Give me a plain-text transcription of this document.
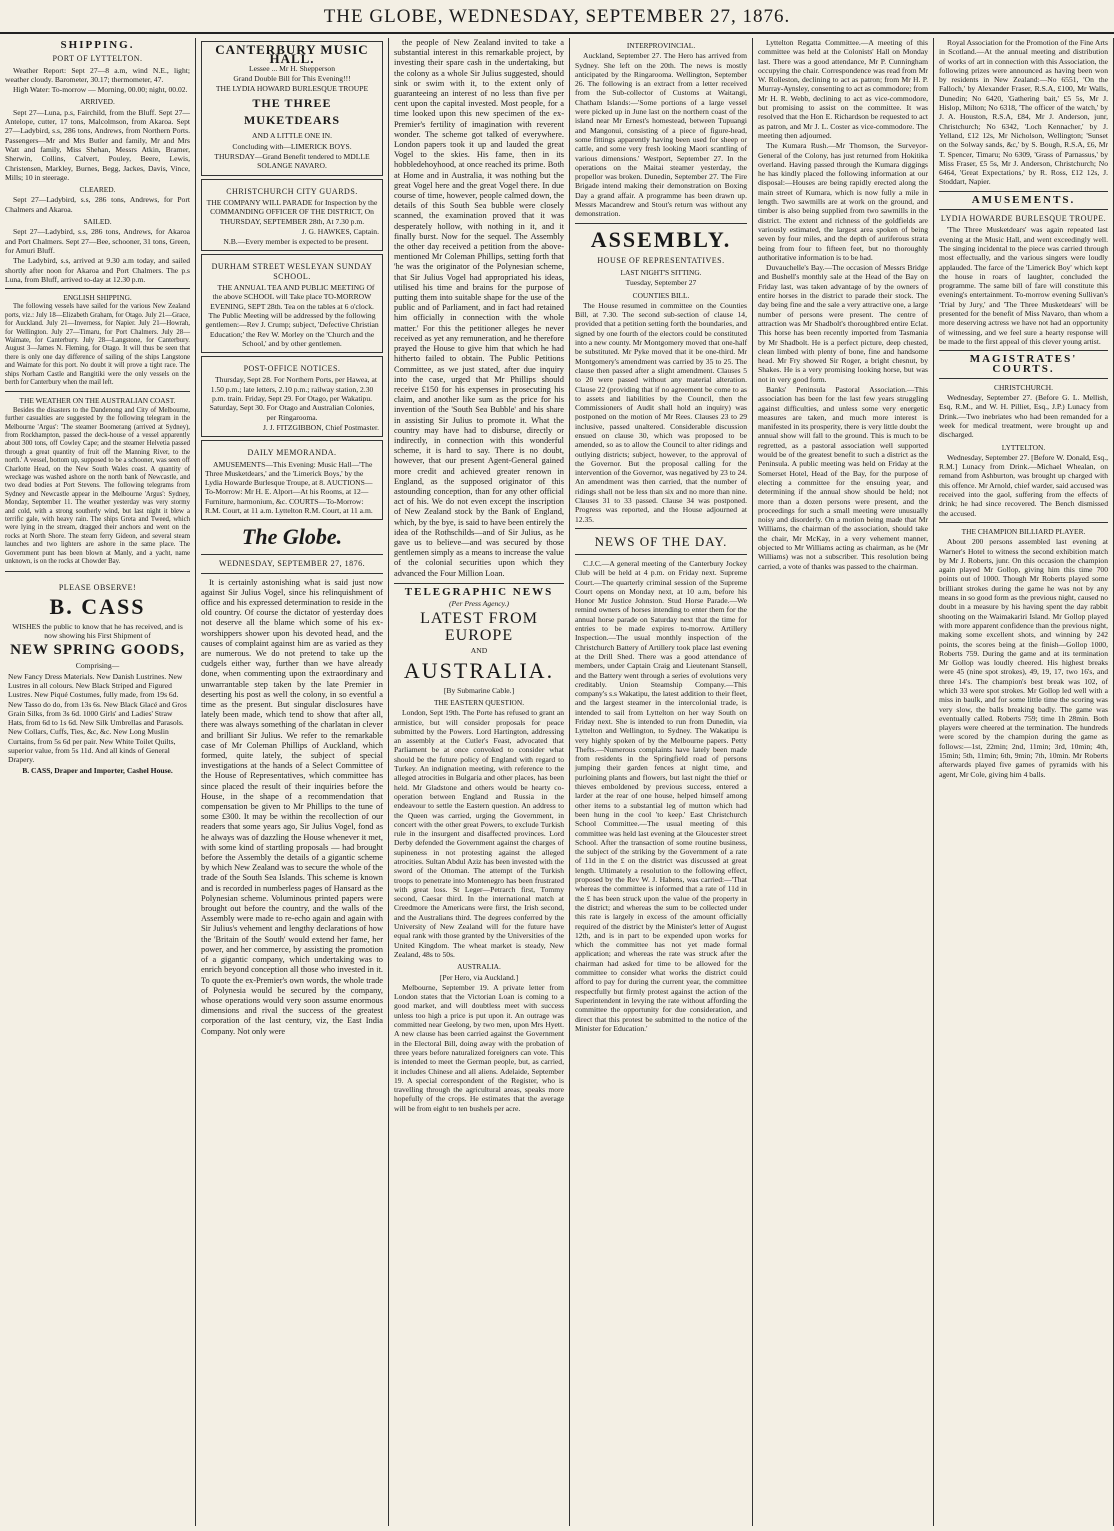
THE GLOBE, WEDNESDAY, SEPTEMBER 27, 1876.
SHIPPING.
PORT OF LYTTELTON.

Weather Report: Sept 27—8 a.m, wind N.E., light; weather cloudy. Barometer, 30.17; thermometer, 47.

High Water: To-morrow — Morning, 00.00; night, 00.02.

ARRIVED.

Sept 27—Luna, p.s, Fairchild, from the Bluff. Sept 27—Antelope, cutter, 17 tons, Malcolmson, from Akaroa. Sept 27—Ladybird, s.s, 286 tons, Andrews, from Northern Ports. Passengers—Mr and Mrs Butler and family, Mr and Mrs Watt and family, Miss Shehan, Messrs Atkin, Bramer, Sherwin, Collins, Calvert, Pouley, Beere, Lewis, Christensen, Markley, Burnes, Begg, Jackes, Davis, Vince, Mills; 10 in steerage.

CLEARED.

Sept 27—Ladybird, s.s, 286 tons, Andrews, for Port Chalmers and Akaroa.

SAILED.

Sept 27—Ladybird, s.s, 286 tons, Andrews, for Akaroa and Port Chalmers. Sept 27—Bee, schooner, 31 tons, Green, for Amuri Bluff.

The Ladybird, s.s, arrived at 9.30 a.m today, and sailed shortly after noon for Akaroa and Port Chalmers. The p.s Luna, from Bluff, arrived to-day at 12.30 p.m.

ENGLISH SHIPPING.

The following vessels have sailed for the various New Zealand ports, viz.: July 18—Elizabeth Graham, for Otago. July 21—Grace, for Auckland. July 21—Inverness, for Napier. July 21—Howrah, for Wellington. July 27—Timaru, for Port Chalmers. July 28—Waimate, for Canterbury. July 28—Langstone, for Canterbury. August 3—James N. Fleming, for Otago. It will thus be seen that there is only one day difference of sailing of the ships Langstone and Waimate for this port. No doubt it will prove a tight race. The ships Norham Castle and Rangitiki were the only vessels on the berth for Canterbury when the mail left.

THE WEATHER ON THE AUSTRALIAN COAST.

Besides the disasters to the Dandenong and City of Melbourne, further casualties are suggested by the following telegram in the Melbourne 'Argus': 'The steamer Boomerang (arrived at Sydney), from Rockhampton, passed the deck-house of a vessel apparently about 300 tons, off Cowley Cape; and the steamer Helvetia passed through a great quantity of fruit off the Manning River, to the north.' A vessel, bottom up, supposed to be a schooner, was seen off Charlotte Head, on the New South Wales coast. A quantity of wreckage was washed ashore on the north bank of Newcastle, and two dead bodies at Port Stevens. The following telegrams from Sydney and Newcastle appear in the Melbourne 'Argus': Sydney, Monday, September 11. The weather yesterday was very stormy and cold, with a strong southerly wind, but last night it blew a terrific gale, with heavy rain. The ships Greta and Tweed, which were lying in the stream, dragged their anchors and went on the rocks at North Shore. The steam ferry Gideon, and several steam launches and two lighters are ashore in the same place. The Government punt has been blown at Manly, and a yacht, name unknown, is on the rocks at Chowder Bay.

PLEASE OBSERVE!
B. CASS

WISHES the public to know that he has received, and is now showing his First Shipment of

NEW SPRING GOODS,

Comprising—

New Fancy Dress Materials. New Danish Lustrines. New Lustres in all colours. New Black Striped and Figured Lustres. New Piqué Costumes, fully made, from 19s 6d. New Tasso do do, from 13s 6s. New Black Glacé and Gros Grain Silks, from 3s 6d. 1000 Girls' and Ladies' Straw Hats, from 6d to 1s 6d. New Silk Umbrellas and Parasols. New Collars, Cuffs, Ties, &c, &c. New Long Muslin Curtains, from 5s 6d per pair. New White Toilet Quilts, superior value, from 5s 11d. And all kinds of General Drapery.

B. CASS, Draper and Importer, Cashel House.

CANTERBURY MUSIC HALL.

Lessee ... Mr H. Shepperson

Grand Double Bill for This Evening!!!

THE LYDIA HOWARD BURLESQUE TROUPE

THE THREE MUKETDEARS

AND A LITTLE ONE IN.

Concluding with—LIMERICK BOYS.

THURSDAY—Grand Benefit tendered to MDLLE SOLANGE NAVARO.

CHRISTCHURCH CITY GUARDS.

THE COMPANY WILL PARADE for Inspection by the COMMANDING OFFICER OF THE DISTRICT, On THURSDAY, SEPTEMBER 28th, At 7.30 p.m.

J. G. HAWKES, Captain.

N.B.—Every member is expected to be present.

DURHAM STREET WESLEYAN SUNDAY SCHOOL.

THE ANNUAL TEA AND PUBLIC MEETING Of the above SCHOOL will Take place TO-MORROW EVENING, SEPT 28th. Tea on the tables at 6 o'clock. The Public Meeting will be addressed by the following gentlemen:—Rev J. Crump; subject, 'Defective Christian Education;' the Rev W. Morley on the 'Church and the School,' and by other gentlemen.

POST-OFFICE NOTICES.

Thursday, Sept 28. For Northern Ports, per Hawea, at 1.50 p.m.; late letters, 2.10 p.m.; railway station, 2.30 p.m. train. Friday, Sept 29. For Otago, per Wakatipu. Saturday, Sept 30. For Otago and Australian Colonies, per Ringarooma.

J. J. FITZGIBBON, Chief Postmaster.

DAILY MEMORANDA.

AMUSEMENTS—This Evening: Music Hall—'The Three Musketdears,' and the 'Limerick Boys,' by the Lydia Howarde Burlesque Troupe, at 8. AUCTIONS—To-Morrow: Mr H. E. Alport—At his Rooms, at 12—Furniture, harmonium, &c. COURTS—To-Morrow: R.M. Court, at 11 a.m. Lyttelton R.M. Court, at 11 a.m.

The Globe.
WEDNESDAY, SEPTEMBER 27, 1876.

It is certainly astonishing what is said just now against Sir Julius Vogel, since his relinquishment of office and his expressed determination to reside in the old country. Of course the dictator of yesterday does not deserve all the blame which some of his ex-worshippers shower upon his devoted head, and the causes of complaint against him are as varied as they are numerous. We do not pretend to take up the cudgels either way, further than we have already done, when commenting upon the extraordinary and unwarrantable step taken by the late Premier in deserting his post as well the colony, in so eventful a time as the present. But singular disclosures have lately been made, which tend to show that after all, there was always something of the charlatan in clever and brilliant Sir Julius. We refer to the remarkable case of Mr Coleman Phillips of Auckland, which formed, quite lately, the subject of special investigations at the hands of a Select Committee of the House of Representatives, which committee has since placed the result of their inquiries before the House, in the shape of a recommendation that compensation be given to Mr Phillips to the tune of some £300. It may be within the recollection of our readers that some years ago, Sir Julius Vogel, fond as he always was of dazzling the House whenever it met, with some kind of startling proposals — had brought before the Assembly the details of a gigantic scheme by which New Zealand was to secure the whole of the trade of the South Sea Islands. This scheme is known and is recorded in numberless pages of Hansard as the Polynesian scheme. Voluminous printed papers were brought out before the country, and the walls of the Assembly were made to re-echo again and again with Sir Julius's vehement and lengthy declarations of how the 'Britain of the South' would extend her fame, her power, and her commerce, by assisting the promotion of a gigantic company, which undertaking was to enrich beyond conception all those who invested in it. To quote the ex-Premier's own words, the whole trade of Polynesia would be secured by the company, whose operations would very soon assume enormous dimensions and rival the success of the greatest corporation of the last century, viz, the East India Company. Not only were

the people of New Zealand invited to take a substantial interest in this remarkable project, by investing their spare cash in the undertaking, but the colony as a whole Sir Julius suggested, should sink or swim with it, to the extent only of guaranteeing an interest of no less than five per cent upon the capital invested. Most people, for a time looked upon this new specimen of the ex-Premier's fertility of imagination with reverent wonder. The scheme got talked of everywhere. London papers took it up and lauded the great Vogel to the skies. His fame, then in its hobbledehoyhood, at once reached its prime. Both at Home and in Australia, it was nothing but the great Vogel here and the great Vogel there. In due course of time, however, people calmed down, the details of this South Sea bubble were closely scanned, the examination proved that it was desperately hollow, with nothing in it, and it finally burst. Now for the sequel. The Assembly the other day received a petition from the above-mentioned Mr Coleman Phillips, setting forth that 'he was the originator of the Polynesian scheme, that Sir Julius Vogel had appropriated his ideas, utilised his time and brains for the purpose of putting them into suitable shape for the use of the public and of Parliament, and in fact had retained him officially in connection with the whole matter.' For this the petitioner alleges he never received as yet any remuneration, and he therefore prayed the House to give him that which he had hitherto failed to obtain. The Public Petitions Committee, as we just stated, after due inquiry into the case, urged that Mr Phillips should receive £150 for his expenses in prosecuting his claim, and another like sum as the price for his invention of the 'South Sea Bubble' and his share in assisting Sir Julius to promote it. What the country may have had to disburse, directly or indirectly, in connection with this wonderful scheme, it is hard to say. There is no doubt, however, that our present Agent-General gained more credit and achieved greater renown in England, as the supposed originator of this astounding conception, than for any other official act of his. We do not even except the inscription of New Zealand stock by the Bank of England, which, by the bye, is said to have been entirely the idea of the Rothschilds—and of Sir Julius, as he gave us to believe—and was secured by those gentlemen simply as a means to increase the value of the colonial securities upon which they advanced the Four Million Loan.

TELEGRAPHIC NEWS

(Per Press Agency.)

LATEST FROM EUROPE

AND

AUSTRALIA.

[By Submarine Cable.]

THE EASTERN QUESTION.

London, Sept 19th. The Porte has refused to grant an armistice, but will consider proposals for peace submitted by the Powers. Lord Hartington, addressing an assembly at the Cutler's Feast, advocated that Parliament be at once convoked to consider what should be the future policy of England with regard to Turkey. An indignation meeting, with reference to the alleged atrocities in Bulgaria and other places, has been held. Mr Gladstone and others would be hearty co-operation between England and Russia in the endeavour to settle the Eastern question. An address to the Queen was carried, urging the Government, in concert with the other great Powers, to exclude Turkish rule in the insurgent and disaffected provinces. Lord Derby defended the Government against the charges of supineness in not protesting against the alleged atrocities. Sultan Abdul Aziz has been invested with the sword of the Ottoman. The attempt of the Turkish troops to penetrate into Montenegro has been frustrated with great loss. St Leger—Petrarch first, Tommy second, Caesar third. In the international match at Creedmore the Americans were first, the Irish second, and the Australians third. The degrees conferred by the University of New Zealand will for the future have equal rank with those granted by the Universities of the United Kingdom. The wheat market is steady, New Zealand, 48s to 50s.

AUSTRALIA.

[Per Hero, via Auckland.]

Melbourne, September 19. A private letter from London states that the Victorian Loan is coming to a good market, and will doubtless meet with success unless too high a price is put upon it. An outrage was committed near Geelong, by two men, upon Mrs Hyett. A new clause has been carried against the Government in the Electoral Bill, doing away with the probation of three years before naturalized foreigners can vote. This is intended to meet the German people, but, as carried, it includes Chinese and all aliens. Adelaide, September 19. A special correspondent of the Register, who is travelling through the agricultural areas, speaks more hopefully of the crops. He estimates that the average will be from eight to ten bushels per acre.

INTERPROVINCIAL.

Auckland, September 27. The Hero has arrived from Sydney. She left on the 20th. The news is mostly anticipated by the Ringarooma. Wellington, September 26. The following is an extract from a letter received from the Sub-collector of Customs at Waitangi, Chatham Islands:—'Some portions of a large vessel were picked up in June last on the northern coast of the island near Mr Ernest's homestead, between Tupuangi and Mangonui, consisting of a piece of figure-head, some fittings apparently having been used for sheep or cattle, and some very fresh looking Maori scantling of various dimensions.' Westport, September 27. In the operations on the Maitai steamer yesterday, the propellor was broken. Dunedin, September 27. The Fire Brigade intend making their demonstration on Boxing Day a grand affair. A programme has been drawn up. Messrs Macandrew and Stout's return was without any demonstration.

ASSEMBLY.
HOUSE OF REPRESENTATIVES.
LAST NIGHT'S SITTING.

Tuesday, September 27

COUNTIES BILL.

The House resumed in committee on the Counties Bill, at 7.30. The second sub-section of clause 14, provided that a petition setting forth the boundaries, and signed by one fourth of the electors could be constituted into a new county. Mr Montgomery moved that one-half be substituted. Mr Pyke moved that it be one-third. Mr Montgomery's amendment was carried by 35 to 25. The clause then passed after a slight amendment. Clauses 5 to 20 were passed without any material alteration. Clause 22 (providing that if no agreement be come to as to assets and liabilities by the Council, then the Commissioners of Audit shall hold an inquiry) was postponed on the motion of Mr Rees. Clauses 23 to 29 inclusive, passed unaltered. Considerable discussion ensued on clause 30, which was proposed to be amended, so as to allow the Council to alter ridings and outlying districts; subject, however, to the approval of the Governor. But the proposal calling for the intervention of the Governor, was negatived by 23 to 24. An amendment was then carried, that the number of ridings shall not be less than six and no more than nine. Clauses 31 to 33 passed. Clause 34 was postponed. Progress was reported, and the House adjourned at 12.35.

NEWS OF THE DAY.

C.J.C.—A general meeting of the Canterbury Jockey Club will be held at 4 p.m. on Friday next. Supreme Court.—The quarterly criminal session of the Supreme Court opens on Monday next, at 10 a.m, before his Honor Mr Justice Johnston. Stud Horse Parade.—We remind owners of horses intending to enter them for the annual horse parade on Saturday next that the time for entries to be made expires to-morrow. Artillery Inspection.—The usual monthly inspection of the Christchurch Battery of Artillery took place last evening at the Drill Shed. There was a good attendance of members, under Captain Craig and Lieutenant Stansell, and the Battery went through a series of evolutions very creditably. Union Steamship Company.—This company's s.s Wakatipu, the latest addition to their fleet, and the largest steamer in the intercolonial trade, is intended to sail from Lyttelton on her way South on Friday next. She is intended to run from Dunedin, via Lyttelton and Wellington, to Sydney. The Wakatipu is very highly spoken of by the Melbourne papers. Petty Thefts.—Numerous complaints have lately been made from residents in the Springfield road of persons jumping their garden fences at night time, and purloining plants and flowers, but last night the thief or thieves emboldened by previous success, entered a larder at the rear of one house, helped himself among other items to a substantial leg of mutton which had been hung in the cool 'to keep.' East Christchurch School Committee.—The usual meeting of this committee was held last evening at the Gloucester street School. After the transaction of some routine business, the subject of the striking by the Government of a rate of 11d in the £ on the district was discussed at great length. Ultimately a resolution to the following effect, proposed by the Rev W. J. Habens, was carried:—'That whereas the committee is informed that a rate of 11d in the £ has been struck upon the value of the property in the district; and whereas the sum to be collected under this rate is largely in excess of the amount officially required of the district by the Minister's letter of August 12th, and is in part to be expended upon works for which the committee has not yet made formal application; and whereas the rate was struck after the chairman had asked for time to be allowed for the committee to consider what works the district could afford to pay for during the current year, the committee respectfully but firmly protest against the action of the Superintendent in levying the rate without affording the committee the opportunity for due consideration, and direct that this protest be submitted to the notice of the Minister for Education.'

Lyttelton Regatta Committee.—A meeting of this committee was held at the Colonists' Hall on Monday last. There was a good attendance, Mr P. Cunningham occupying the chair. Correspondence was read from Mr W. Rolleston, declining to act as patron; from Mr H. P. Murray-Aynsley, consenting to act as commodore; from Mr H. R. Webb, declining to act as vice-commodore, but promising to assist on the committee. It was resolved that the Hon E. Richardson be requested to act as patron, and Mr J. L. Coster as vice-commodore. The meeting then adjourned.

The Kumara Rush.—Mr Thomson, the Surveyor-General of the Colony, has just returned from Hokitika overland. Having passed through the Kumara diggings he has kindly placed the following information at our disposal:—Houses are being rapidly erected along the main street of Kumara, which is now fully a mile in length. Two sawmills are at work on the ground, and timber is also being supplied from two sawmills in the district. The extent and richness of the goldfields are variously estimated, the largest area spoken of being seven by four miles, and the depth of auriferous strata being from four to fifteen feet, but no thoroughly authoritative information is to be had.

Duvauchelle's Bay.—The occasion of Messrs Bridge and Bushell's monthly sale at the Head of the Bay on Friday last, was taken advantage of by the owners of entire horses in the district to parade their stock. The day being fine and the sale a very attractive one, a large number of persons were present. The centre of attraction was Mr Shadbolt's thoroughbred entire Eclat. This horse has been recently imported from Tasmania by Mr Shadbolt. He is a perfect picture, deep chested, clean limbed with plenty of bone, fine and handsome head. Mr Fry showed Sir Roger, a bright chesnut, by Shakes. He is a very promising looking horse, but was not in very good form.

Banks' Peninsula Pastoral Association.—This association has been for the last few years struggling against difficulties, and unless some very energetic measures are taken, and much more interest is manifested in its prosperity, there is very little doubt the annual show will fall to the ground. This is much to be regretted, as a pastoral association well supported would be of the greatest benefit to such a district as the Peninsula. A public meeting was held on Friday at the Somerset Hotel, Head of the Bay, for the purpose of electing a committee for the ensuing year, and determining if the annual show should be held; not more than a dozen persons were present, and the proceedings for such a small meeting were unusually noisy and disorderly. On a motion being made that Mr Williams, the chairman of the association, should take the chair, Mr McKay, in a very vehement manner, objected to Mr Williams acting as chairman, as he (Mr Williams) was not a subscriber. This resolution being carried, a vote of thanks was passed to the chairman.

Royal Association for the Promotion of the Fine Arts in Scotland.—At the annual meeting and distribution of works of art in connection with this Association, the following prizes were announced as having been won by residents in New Zealand:—No 6551, 'On the Falloch,' by Alexander Fraser, R.S.A, £100, Mr Walls, Dunedin; No 6420, 'Gathering bait,' £5 5s, Mr J. Hislop, Milton; No 6318, 'The officer of the watch,' by J. A. Houston, R.S.A, £84, Mr J. Anderson, junr, Christchurch; No 6342, 'Loch Kennacher,' by J. Yelland, £12 12s, Mr Nicholson, Wellington; 'Sunset on the Solway sands, &c,' by S. Bough, R.S.A, £6, Mr T. Spencer, Timaru; No 6309, 'Grass of Parnassus,' by Miss Fraser, £5 5s, Mr J. Anderson, Christchurch; No 6464, 'Great Expectations,' by R. Ross, £12 12s, J. Stoddart, Napier.

AMUSEMENTS.
LYDIA HOWARDE BURLESQUE TROUPE.

'The Three Musketdears' was again repeated last evening at the Music Hall, and went exceedingly well. The singing incidental to the piece was carried through most effectually, and the various singers were loudly applauded. The farce of the 'Limerick Boy' which kept the house in roars of laughter, concluded the programme. The same bill of fare will constitute this evening's entertainment. To-morrow evening Sullivan's 'Trial by Jury,' and 'The Three Musketdears' will be presented for the benefit of Miss Navaro, than whom a more deserving actress we have not had an opportunity of witnessing, and we feel sure a hearty response will be made to the first appeal of this clever young artist.

MAGISTRATES' COURTS.
CHRISTCHURCH.

Wednesday, September 27. (Before G. L. Mellish, Esq, R.M., and W. H. Pilliet, Esq., J.P.) Lunacy from Drink.—Two inebriates who had been remanded for a week for medical treatment, were brought up and discharged.

LYTTELTON.

Wednesday, September 27. [Before W. Donald, Esq., R.M.] Lunacy from Drink.—Michael Whealan, on remand from Ashburton, was brought up charged with this offence. Mr Arnold, chief warder, said accused was received into the gaol, suffering from the effects of drink; he had since recovered. The Bench dismissed the accused.

THE CHAMPION BILLIARD PLAYER.

About 200 persons assembled last evening at Warner's Hotel to witness the second exhibition match by Mr J. Roberts, junr. On this occasion the champion again played Mr Gollop, giving him this time 700 points out of 1000. Though Mr Roberts played some brilliant strokes during the game he was not by any means in so good form as the previous night, caused no doubt in a measure by his having spent the day rabbit shooting on the Waimakariri Island. Mr Gollop played with more apparent confidence than the previous night, making some excellent shots, and winning by 242 points, the scores being at the finish—Gollop 1000, Roberts 759. During the game and at its termination Mr Gollop was loudly cheered. His highest breaks were 45 (nine spot strokes), 49, 19, 17, two 16's, and three 14's. The champion's best break was 102, of which 33 were spot strokes. Mr Gollop led well with a miss in baulk, and for some little time the scoring was very slow, the balls breaking badly. The game was eventually called. Roberts 759; time 1h 28min. Both players were cheered at the termination. The hundreds were scored by the champion during the game as follows:—1st, 22min; 2nd, 11min; 3rd, 10min; 4th, 15min; 5th, 11min; 6th, 9min; 7th, 10min. Mr Roberts afterwards played five games of pyramids with his agent, Mr Cole, giving him 4 balls.
